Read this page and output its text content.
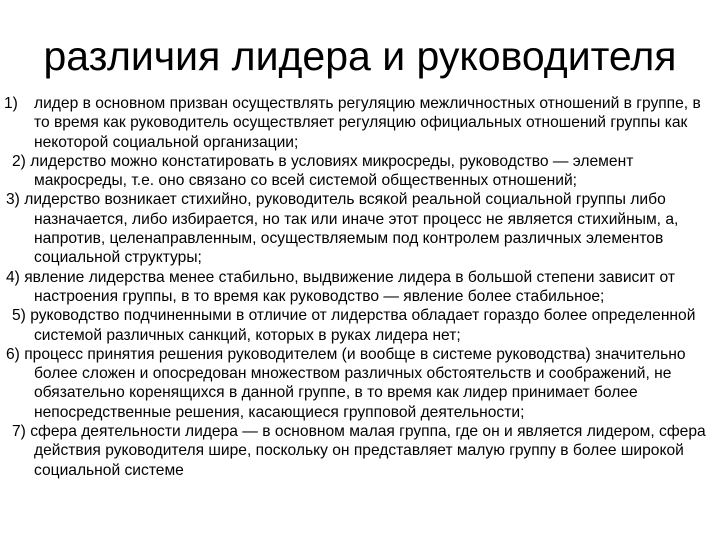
различия лидера и руководителя
1) лидер в основном призван осуществлять регуляцию межличностных отношений в группе, в то время как руководитель осуществляет регуляцию официальных отношений группы как некоторой социальной организации;
2) лидерство можно констатировать в условиях микросреды, руководство — элемент макросреды, т.е. оно связано со всей системой общественных отношений;
3) лидерство возникает стихийно, руководитель всякой реальной социальной группы либо назначается, либо избирается, но так или иначе этот процесс не является стихийным, а, напротив, целенаправленным, осуществляемым под контролем различных элементов социальной структуры;
4) явление лидерства менее стабильно, выдвижение лидера в большой степени зависит от настроения группы, в то время как руководство — явление более стабильное;
5) руководство подчиненными в отличие от лидерства обладает гораздо более определенной системой различных санкций, которых в руках лидера нет;
6) процесс принятия решения руководителем (и вообще в системе руководства) значительно более сложен и опосредован множеством различных обстоятельств и соображений, не обязательно коренящихся в данной группе, в то время как лидер принимает более непосредственные решения, касающиеся групповой деятельности;
7) сфера деятельности лидера — в основном малая группа, где он и является лидером, сфера действия руководителя шире, поскольку он представляет малую группу в более широкой социальной системе
